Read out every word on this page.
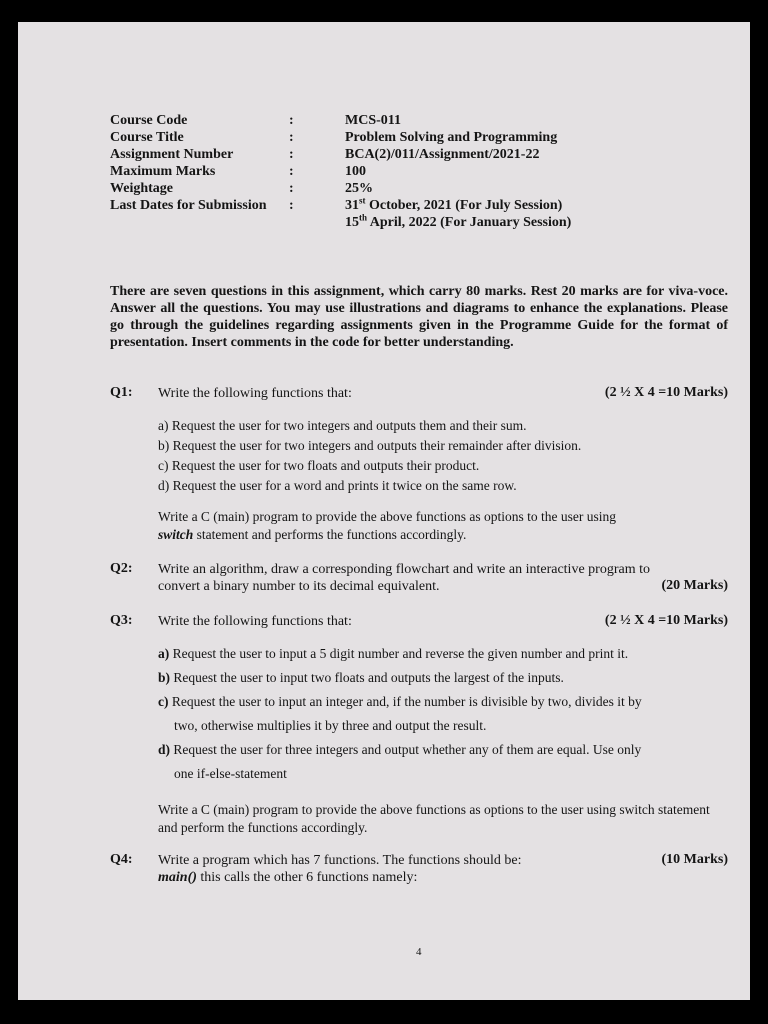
Course Code	:	MCS-011
Course Title	:	Problem Solving and Programming
Assignment Number	:	BCA(2)/011/Assignment/2021-22
Maximum Marks	:	100
Weightage	:	25%
Last Dates for Submission :	31st October, 2021 (For July Session)
15th April, 2022 (For January Session)

There are seven questions in this assignment, which carry 80 marks. Rest 20 marks are for viva-voce. Answer all the questions. You may use illustrations and diagrams to enhance the explanations. Please go through the guidelines regarding assignments given in the Programme Guide for the format of presentation. Insert comments in the code for better understanding.

Q1: Write the following functions that:	(2 ½ X 4 =10 Marks)
a) Request the user for two integers and outputs them and their sum.
b) Request the user for two integers and outputs their remainder after division.
c) Request the user for two floats and outputs their product.
d) Request the user for a word and prints it twice on the same row.
Write a C (main) program to provide the above functions as options to the user using
switch statement and performs the functions accordingly.
Q2: Write an algorithm, draw a corresponding flowchart and write an interactive program to
convert a binary number to its decimal equivalent.	(20 Marks)
Q3: Write the following functions that:	(2 ½ X 4 =10 Marks)
a) Request the user to input a 5 digit number and reverse the given number and print it.
b) Request the user to input two floats and outputs the largest of the inputs.
c) Request the user to input an integer and, if the number is divisible by two, divides it by
two, otherwise multiplies it by three and output the result.
d) Request the user for three integers and output whether any of them are equal. Use only
one if-else-statement
Write a C (main) program to provide the above functions as options to the user using switch statement and perform the functions accordingly.
Q4: Write a program which has 7 functions. The functions should be:
main() this calls the other 6 functions namely:
(10 Marks)
4
